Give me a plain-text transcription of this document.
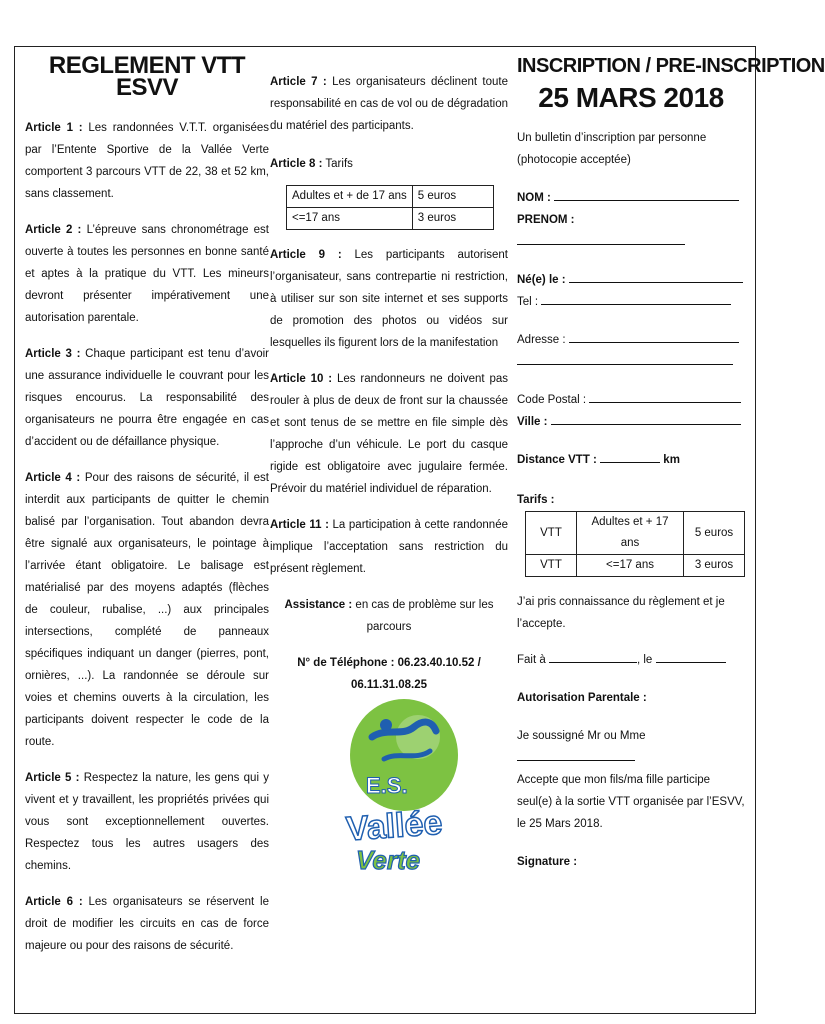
REGLEMENT VTT ESVV

Article 1 : Les randonnées V.T.T. organisées par l’Entente Sportive de la Vallée Verte comportent 3 parcours VTT de 22, 38 et 52 km, sans classement.

Article 2 : L’épreuve sans chronométrage est ouverte à toutes les personnes en bonne santé et aptes à la pratique du VTT. Les mineurs devront présenter impérativement une autorisation parentale.

Article 3 : Chaque participant est tenu d’avoir une assurance individuelle le couvrant pour les risques encourus. La responsabilité des organisateurs ne pourra être engagée en cas d’accident ou de défaillance physique.

Article 4 : Pour des raisons de sécurité, il est interdit aux participants de quitter le chemin balisé par l’organisation. Tout abandon devra être signalé aux organisateurs, le pointage à l’arrivée étant obligatoire. Le balisage est matérialisé par des moyens adaptés (flèches de couleur, rubalise, ...) aux principales intersections, complété de panneaux spécifiques indiquant un danger (pierres, pont, ornières, ...). La randonnée se déroule sur voies et chemins ouverts à la circulation, les participants doivent respecter le code de la route.

Article 5 : Respectez la nature, les gens qui y vivent et y travaillent, les propriétés privées qui vous sont exceptionnellement ouvertes. Respectez tous les autres usagers des chemins.

Article 6 : Les organisateurs se réservent le droit de modifier les circuits en cas de force majeure ou pour des raisons de sécurité.

Article 7 : Les organisateurs déclinent toute responsabilité en cas de vol ou de dégradation du matériel des participants.

Article 8 : Tarifs

Adultes et + de 17 ans	5 euros
<=17 ans	3 euros

Article 9 : Les participants autorisent l’organisateur, sans contrepartie ni restriction, à utiliser sur son site internet et ses supports de promotion des photos ou vidéos sur lesquelles ils figurent lors de la manifestation

Article 10 : Les randonneurs ne doivent pas rouler à plus de deux de front sur la chaussée et sont tenus de se mettre en file simple dès l’approche d’un véhicule. Le port du casque rigide est obligatoire avec jugulaire fermée. Prévoir du matériel individuel de réparation.

Article 11 : La participation à cette randonnée implique l’acceptation sans restriction du présent règlement.

Assistance : en cas de problème sur les parcours

N° de Téléphone : 06.23.40.10.52 / 06.11.31.08.25

E.S.
Vallée
Verte
INSCRIPTION / PRE-INSCRIPTION
25 MARS 2018

Un bulletin d’inscription par personne (photocopie acceptée)

NOM :
PRENOM :
Né(e) le :
Tel :
Adresse :
Code Postal :
Ville :
Distance VTT :	km
Tarifs :
VTT	Adultes et + 17 ans	5 euros
VTT	<=17 ans	3 euros

J’ai pris connaissance du règlement et je l’accepte.

Fait à	, le
Autorisation Parentale :
Je soussigné Mr ou Mme

Accepte que mon fils/ma fille participe seul(e) à la sortie VTT organisée par l’ESVV, le 25 Mars 2018.

Signature :
